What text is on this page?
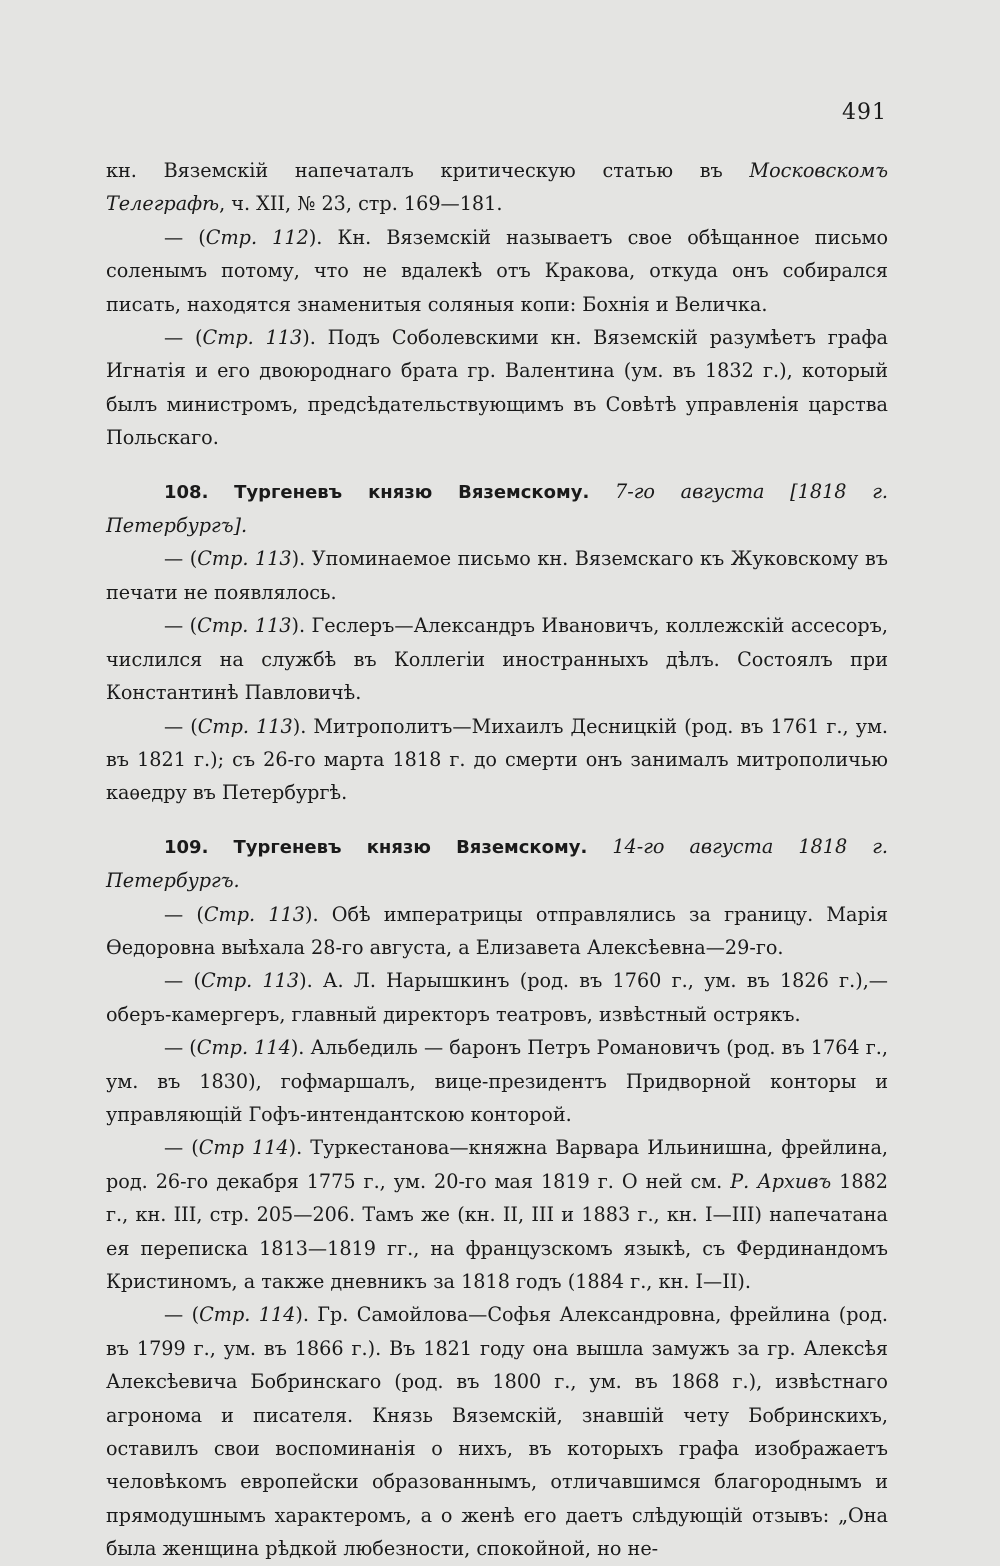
491

кн. Вяземскій напечаталъ критическую статью въ Московскомъ Телеграфѣ, ч. XII, № 23, стр. 169—181.

— (Стр. 112). Кн. Вяземскій называетъ свое обѣщанное письмо соленымъ потому, что не вдалекѣ отъ Кракова, откуда онъ собирался писать, находятся знаменитыя соляныя копи: Бохнія и Величка.

— (Стр. 113). Подъ Соболевскими кн. Вяземскій разумѣетъ графа Игнатія и его двоюроднаго брата гр. Валентина (ум. въ 1832 г.), который былъ министромъ, предсѣдательствующимъ въ Совѣтѣ управленія царства Польскаго.

108. Тургеневъ князю Вяземскому. 7-го августа [1818 г. Петербургъ].

— (Стр. 113). Упоминаемое письмо кн. Вяземскаго къ Жуковскому въ печати не появлялось.

— (Стр. 113). Геслеръ—Александръ Ивановичъ, коллежскій ассесоръ, числился на службѣ въ Коллегіи иностранныхъ дѣлъ. Состоялъ при Константинѣ Павловичѣ.

— (Стр. 113). Митрополитъ—Михаилъ Десницкій (род. въ 1761 г., ум. въ 1821 г.); съ 26-го марта 1818 г. до смерти онъ занималъ митрополичью каѳедру въ Петербургѣ.

109. Тургеневъ князю Вяземскому. 14-го августа 1818 г. Петербургъ.

— (Стр. 113). Обѣ императрицы отправлялись за границу. Марія Ѳедоровна выѣхала 28-го августа, а Елизавета Алексѣевна—29-го.

— (Стр. 113). А. Л. Нарышкинъ (род. въ 1760 г., ум. въ 1826 г.),— оберъ-камергеръ, главный директоръ театровъ, извѣстный острякъ.

— (Стр. 114). Альбедиль — баронъ Петръ Романовичъ (род. въ 1764 г., ум. въ 1830), гофмаршалъ, вице-президентъ Придворной конторы и управляющій Гофъ-интендантскою конторой.

— (Стр 114). Туркестанова—княжна Варвара Ильинишна, фрейлина, род. 26-го декабря 1775 г., ум. 20-го мая 1819 г. О ней см. Р. Архивъ 1882 г., кн. III, стр. 205—206. Тамъ же (кн. II, III и 1883 г., кн. I—III) напечатана ея переписка 1813—1819 гг., на французскомъ языкѣ, съ Фердинандомъ Кристиномъ, а также дневникъ за 1818 годъ (1884 г., кн. I—II).

— (Стр. 114). Гр. Самойлова—Софья Александровна, фрейлина (род. въ 1799 г., ум. въ 1866 г.). Въ 1821 году она вышла замужъ за гр. Алексѣя Алексѣевича Бобринскаго (род. въ 1800 г., ум. въ 1868 г.), извѣстнаго агронома и писателя. Князь Вяземскій, знавшій чету Бобринскихъ, оставилъ свои воспоминанія о нихъ, въ которыхъ графа изображаетъ человѣкомъ европейски образованнымъ, отличавшимся благороднымъ и прямодушнымъ характеромъ, а о женѣ его даетъ слѣдующій отзывъ: „Она была женщина рѣдкой любезности, спокойной, но не-
